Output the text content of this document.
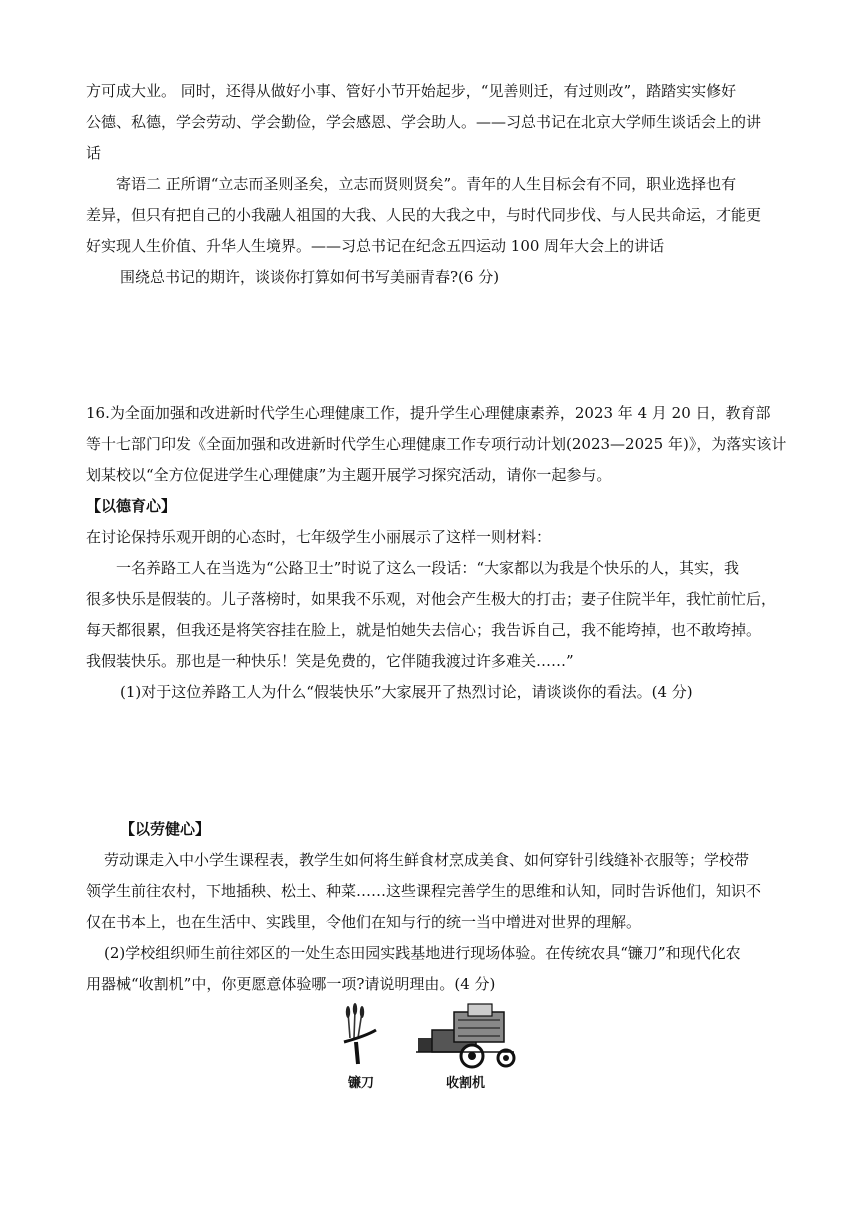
方可成大业。 同时，还得从做好小事、管好小节开始起步，“见善则迁，有过则改”，踏踏实实修好
公德、私德，学会劳动、学会勤俭，学会感恩、学会助人。——习总书记在北京大学师生谈话会上的讲
话
寄语二 正所谓“立志而圣则圣矣，立志而贤则贤矣”。青年的人生目标会有不同，职业选择也有
差异，但只有把自己的小我融人祖国的大我、人民的大我之中，与时代同步伐、与人民共命运，才能更
好实现人生价值、升华人生境界。——习总书记在纪念五四运动 100 周年大会上的讲话
围绕总书记的期许，谈谈你打算如何书写美丽青春?(6 分)
16.为全面加强和改进新时代学生心理健康工作，提升学生心理健康素养，2023 年 4 月 20 日，教育部
等十七部门印发《全面加强和改进新时代学生心理健康工作专项行动计划(2023—2025 年)》，为落实该计
划某校以“全方位促进学生心理健康”为主题开展学习探究活动，请你一起参与。
【以德育心】
在讨论保持乐观开朗的心态时，七年级学生小丽展示了这样一则材料：
一名养路工人在当选为“公路卫士”时说了这么一段话：“大家都以为我是个快乐的人，其实，我
很多快乐是假装的。儿子落榜时，如果我不乐观，对他会产生极大的打击；妻子住院半年，我忙前忙后，
每天都很累，但我还是将笑容挂在脸上，就是怕她失去信心；我告诉自己，我不能垮掉，也不敢垮掉。
我假装快乐。那也是一种快乐！笑是免费的，它伴随我渡过许多难关……”
(1)对于这位养路工人为什么“假装快乐”大家展开了热烈讨论，请谈谈你的看法。(4 分)
【以劳健心】
劳动课走入中小学生课程表，教学生如何将生鲜食材烹成美食、如何穿针引线缝补衣服等；学校带
领学生前往农村，下地插秧、松土、种菜……这些课程完善学生的思维和认知，同时告诉他们，知识不
仅在书本上，也在生活中、实践里，令他们在知与行的统一当中增进对世界的理解。
(2)学校组织师生前往郊区的一处生态田园实践基地进行现场体验。在传统农具“镰刀”和现代化农
用器械“收割机”中，你更愿意体验哪一项?请说明理由。(4 分)
镰刀	收割机
